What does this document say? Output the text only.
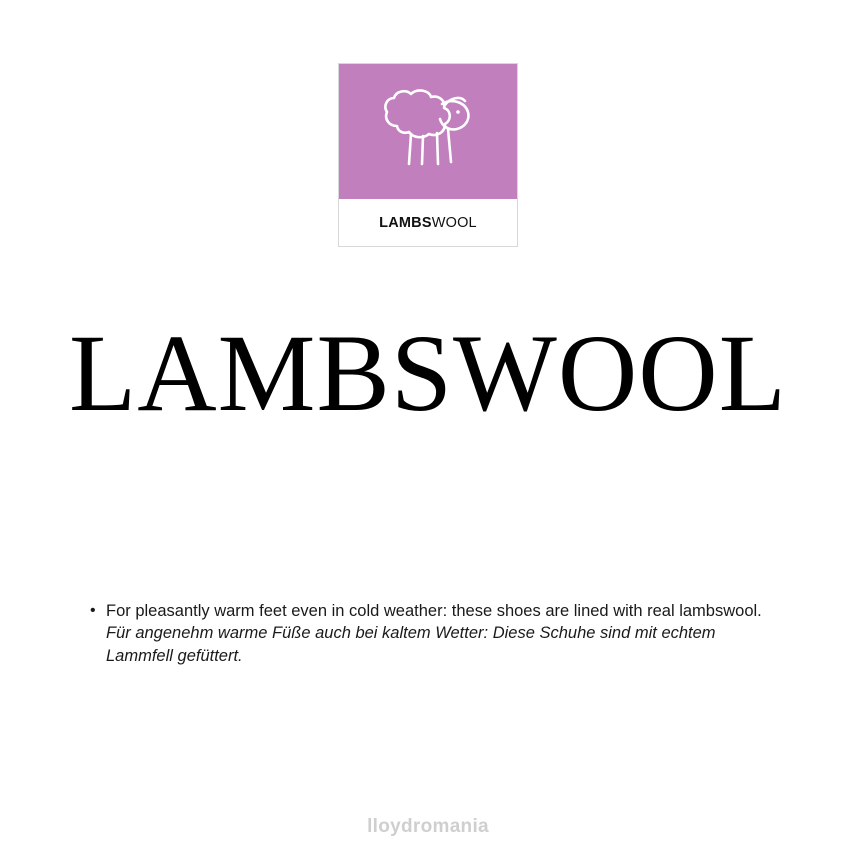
LAMBS WOOL
LAMBSWOOL
• For pleasantly warm feet even in cold weather: these shoes are lined with real lambswool.
Für angenehm warme Füße auch bei kaltem Wetter: Diese Schuhe sind mit echtem Lammfell gefüttert.
lloydromania
